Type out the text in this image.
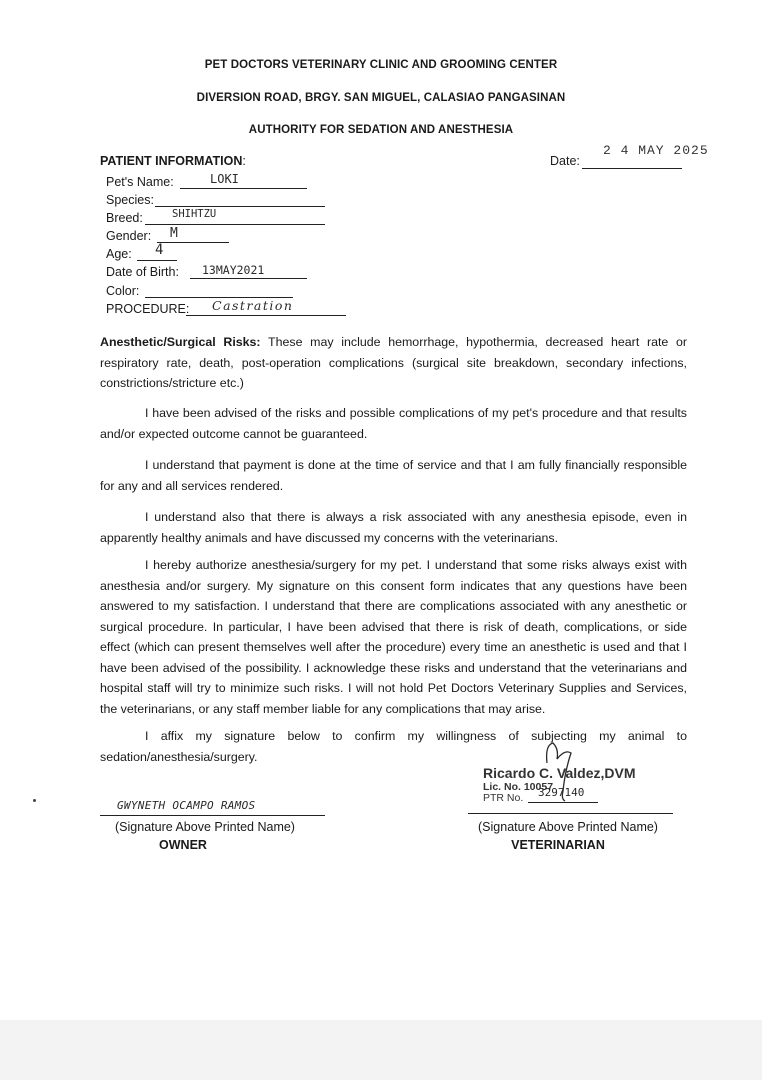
PET DOCTORS VETERINARY CLINIC AND GROOMING CENTER
DIVERSION ROAD, BRGY. SAN MIGUEL, CALASIAO PANGASINAN
AUTHORITY FOR SEDATION AND ANESTHESIA
2 4 MAY 2025
Date:
PATIENT INFORMATION:
Pet's Name:	LOKI
Species:
Breed:	SHIHTZU
Gender: M
Age: 4
Date of Birth: 13MAY2021
Color:
PROCEDURE: Castration
Anesthetic/Surgical Risks: These may include hemorrhage, hypothermia, decreased heart rate or respiratory rate, death, post-operation complications (surgical site breakdown, secondary infections, constrictions/stricture etc.)
I have been advised of the risks and possible complications of my pet's procedure and that results and/or expected outcome cannot be guaranteed.
I understand that payment is done at the time of service and that I am fully financially responsible for any and all services rendered.
I understand also that there is always a risk associated with any anesthesia episode, even in apparently healthy animals and have discussed my concerns with the veterinarians.
I hereby authorize anesthesia/surgery for my pet. I understand that some risks always exist with anesthesia and/or surgery. My signature on this consent form indicates that any questions have been answered to my satisfaction. I understand that there are complications associated with any anesthetic or surgical procedure. In particular, I have been advised that there is risk of death, complications, or side effect (which can present themselves well after the procedure) every time an anesthetic is used and that I have been advised of the possibility. I acknowledge these risks and understand that the veterinarians and hospital staff will try to minimize such risks. I will not hold Pet Doctors Veterinary Supplies and Services, the veterinarians, or any staff member liable for any complications that may arise.
I affix my signature below to confirm my willingness of subjecting my animal to sedation/anesthesia/surgery.
GWYNETH OCAMPO RAMOS
(Signature Above Printed Name)
OWNER
Ricardo C. Valdez,DVM
Lic. No. 10057
PTR No. 3297140
(Signature Above Printed Name)
VETERINARIAN
